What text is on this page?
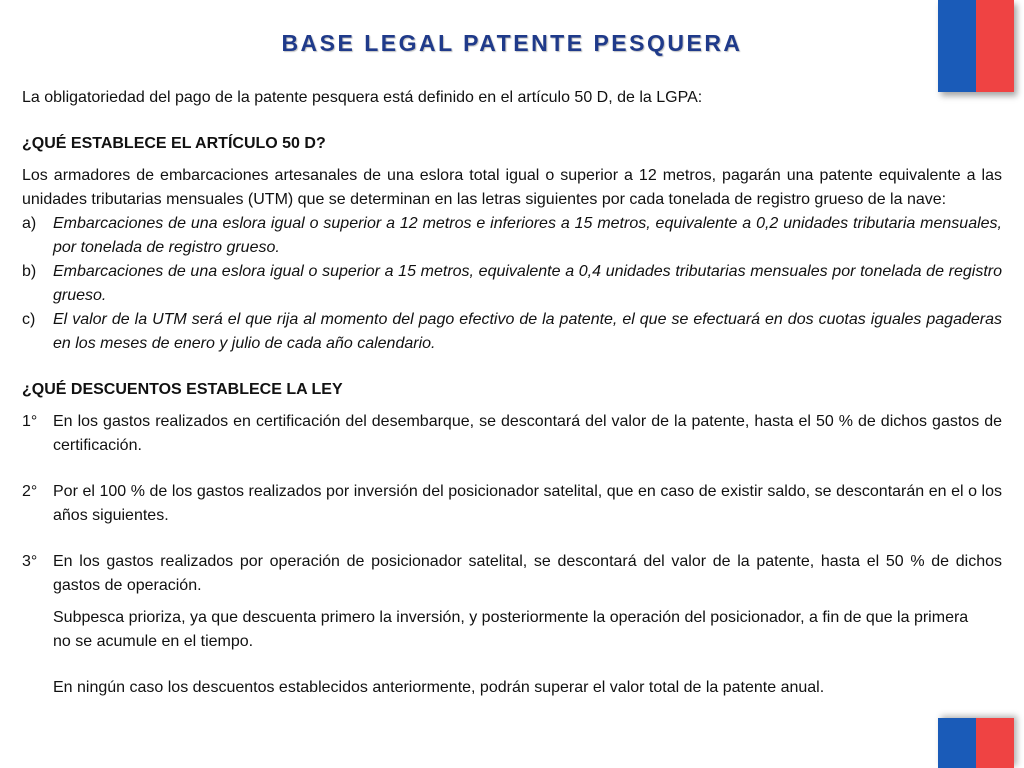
BASE LEGAL PATENTE PESQUERA

La obligatoriedad del pago de la patente pesquera está definido en el artículo 50 D, de la LGPA:

¿QUÉ ESTABLECE EL ARTÍCULO 50 D?

Los armadores de embarcaciones artesanales de una eslora total igual o superior a 12 metros, pagarán una patente equivalente a las unidades tributarias mensuales (UTM) que se determinan en las letras siguientes por cada tonelada de registro grueso de la nave:

a)	Embarcaciones de una eslora igual o superior a 12 metros e inferiores a 15 metros, equivalente a 0,2 unidades tributaria mensuales, por tonelada de registro grueso.
b)	Embarcaciones de una eslora igual o superior a 15 metros, equivalente a 0,4 unidades tributarias mensuales por tonelada de registro grueso.
c)	El valor de la UTM será el que rija al momento del pago efectivo de la patente, el que se efectuará en dos cuotas iguales pagaderas en los meses de enero y julio de cada año calendario.

¿QUÉ DESCUENTOS ESTABLECE LA LEY

1° En los gastos realizados en certificación del desembarque, se descontará del valor de la patente, hasta el 50 % de dichos gastos de certificación.
2° Por el 100 % de los gastos realizados por inversión del posicionador satelital, que en caso de existir saldo, se descontarán en el o los años siguientes.
3° En los gastos realizados por operación de posicionador satelital, se descontará del valor de la patente, hasta el 50 % de dichos gastos de operación.

Subpesca prioriza, ya que descuenta primero la inversión, y posteriormente la operación del posicionador, a fin de que la primera no se acumule en el tiempo.

En ningún caso los descuentos establecidos anteriormente, podrán superar el valor total de la patente anual.
